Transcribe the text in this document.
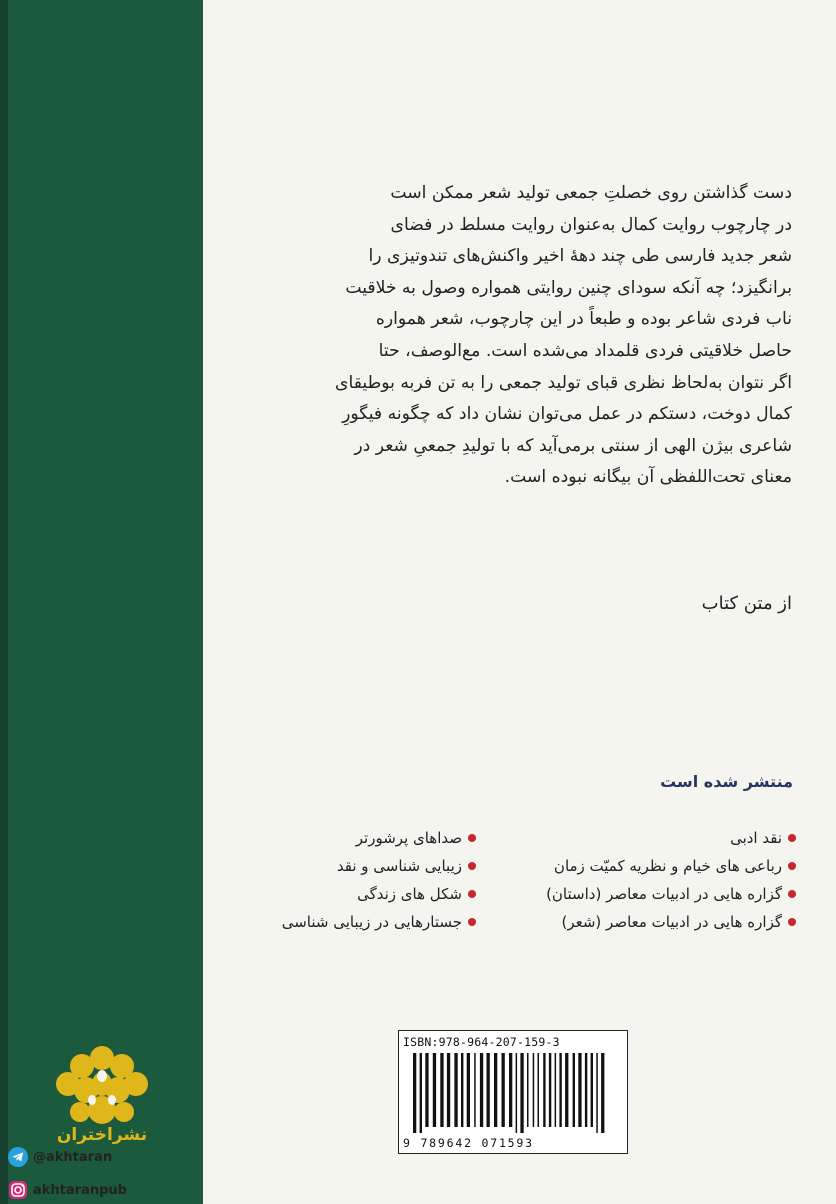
دست گذاشتن روی خصلتِ جمعی تولید شعر ممکن است
در چارچوب روایت کمال به‌عنوان روایت مسلط در فضای
شعر جدید فارسی طی چند دهۀ اخیر واکنش‌های تندوتیزی را
برانگیزد؛ چه آنکه سودای چنین روایتی همواره وصول به خلاقیت
ناب فردی شاعر بوده و طبعاً در این چارچوب، شعر همواره
حاصل خلاقیتی فردی قلمداد می‌شده است. مع‌الوصف، حتا
اگر نتوان به‌لحاظ نظری قبای تولید جمعی را به تن فربه بوطیقای
کمال دوخت، دستکم در عمل می‌توان نشان داد که چگونه فیگورِ
شاعری بیژن الهی از سنتی برمی‌آید که با تولیدِ جمعیِ شعر در
معنای تحت‌اللفظی آن بیگانه نبوده است.
از متن کتاب
منتشر شده است
نقد ادبی
رباعی های خیام و نظریه کمیّت زمان
گزاره هایی در ادبیات معاصر (داستان)
گزاره هایی در ادبیات معاصر (شعر)
صداهای پرشورتر
زیبایی شناسی و نقد
شکل های زندگی
جستارهایی در زیبایی شناسی
نشراختران
ISBN:978-964-207-159-3
9 789642 071593
@akhtaran
akhtaranpub
